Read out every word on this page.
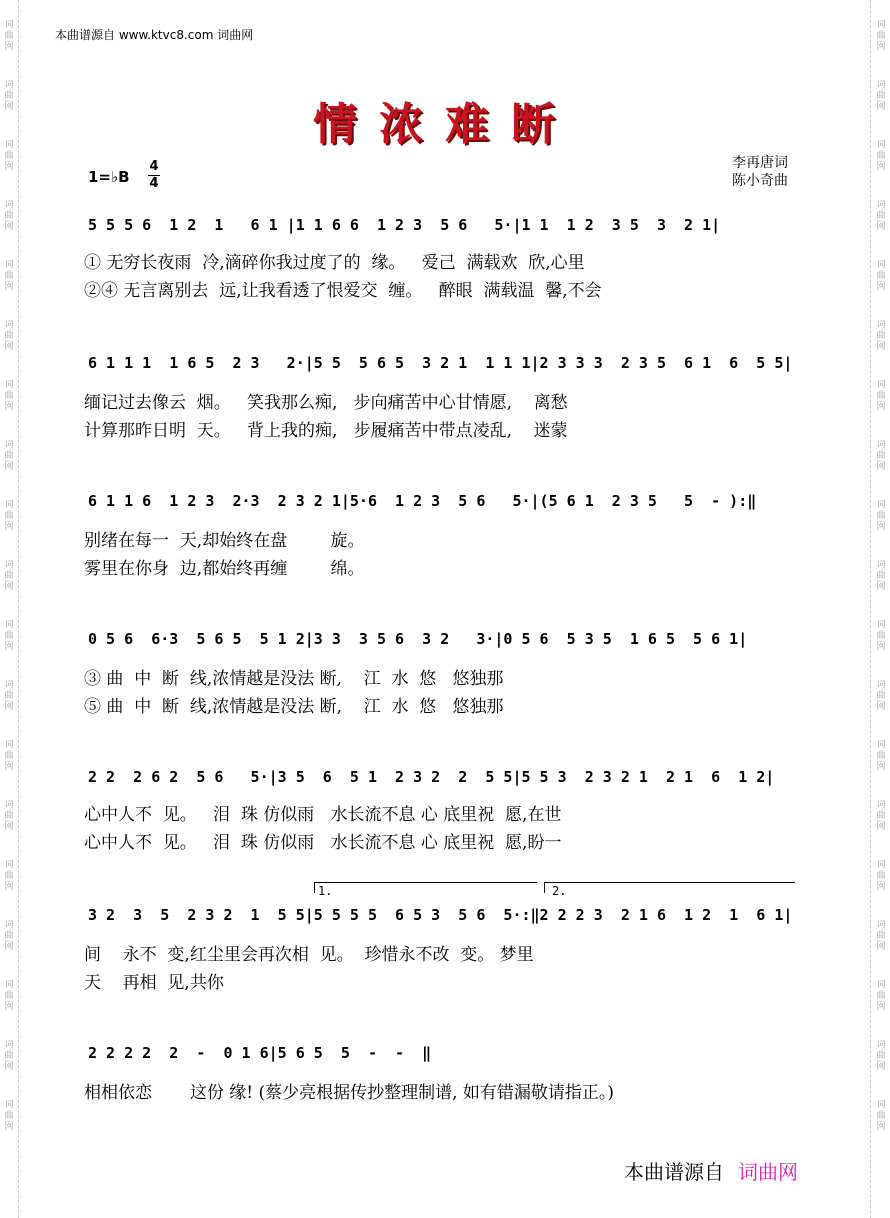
词曲网
词曲网
词曲网
词曲网
词曲网
词曲网
词曲网
词曲网
词曲网
词曲网
词曲网
词曲网
词曲网
词曲网
词曲网
词曲网
词曲网
词曲网
词曲网
词曲网
词曲网
词曲网
词曲网
词曲网
词曲网
词曲网
词曲网
词曲网
词曲网
词曲网
词曲网
词曲网
词曲网
词曲网
词曲网
词曲网
词曲网
词曲网
本曲谱源自 www.ktvc8.com 词曲网
情浓难断
1=♭B
4
4
李再唐词
陈小奇曲
5 5 5 6  1 2  1   6 1 |1 1 6 6  1 2 3  5 6   5·|1 1  1 2  3 5  3  2 1|
① 无穷长夜雨  冷,滴碎你我过度了的  缘。   爱己  满载欢  欣,心里
②④ 无言离别去  远,让我看透了恨爱交  缠。   醉眼  满载温  馨,不会
6 1 1 1  1 6 5  2 3   2·|5 5  5 6 5  3 2 1  1 1 1|2 3 3 3  2 3 5  6 1  6  5 5|
缅记过去像云  烟。   笑我那么痴,   步向痛苦中心甘情愿,    离愁
计算那昨日明  天。   背上我的痴,   步履痛苦中带点凌乱,    迷蒙
6 1 1 6  1 2 3  2·3  2 3 2 1|5·6  1 2 3  5 6   5·|(5 6 1  2 3 5   5  - ):‖
别绪在每一  天,却始终在盘        旋。
雾里在你身  边,都始终再缠        绵。
0 5 6  6·3  5 6 5  5 1 2|3 3  3 5 6  3 2   3·|0 5 6  5 3 5  1 6 5  5 6 1|
③ 曲  中  断  线,浓情越是没法 断,    江  水  悠   悠独那
⑤ 曲  中  断  线,浓情越是没法 断,    江  水  悠   悠独那
2 2  2 6 2  5 6   5·|3 5  6  5 1  2 3 2  2  5 5|5 5 3  2 3 2 1  2 1  6  1 2|
心中人不  见。   泪  珠 仿似雨   水长流不息 心 底里祝  愿,在世
心中人不  见。   泪  珠 仿似雨   水长流不息 心 底里祝  愿,盼一
1.	2.
3 2  3  5  2 3 2  1  5 5|5 5 5 5  6 5 3  5 6  5·:‖2 2 2 3  2 1 6  1 2  1  6 1|
间    永不  变,红尘里会再次相  见。  珍惜永不改  变。 梦里
天    再相  见,共你
2 2 2 2  2  -  0 1 6|5 6 5  5  -  -  ‖
相相依恋       这份 缘! (蔡少亮根据传抄整理制谱, 如有错漏敬请指正。)
本曲谱源自 词曲网
